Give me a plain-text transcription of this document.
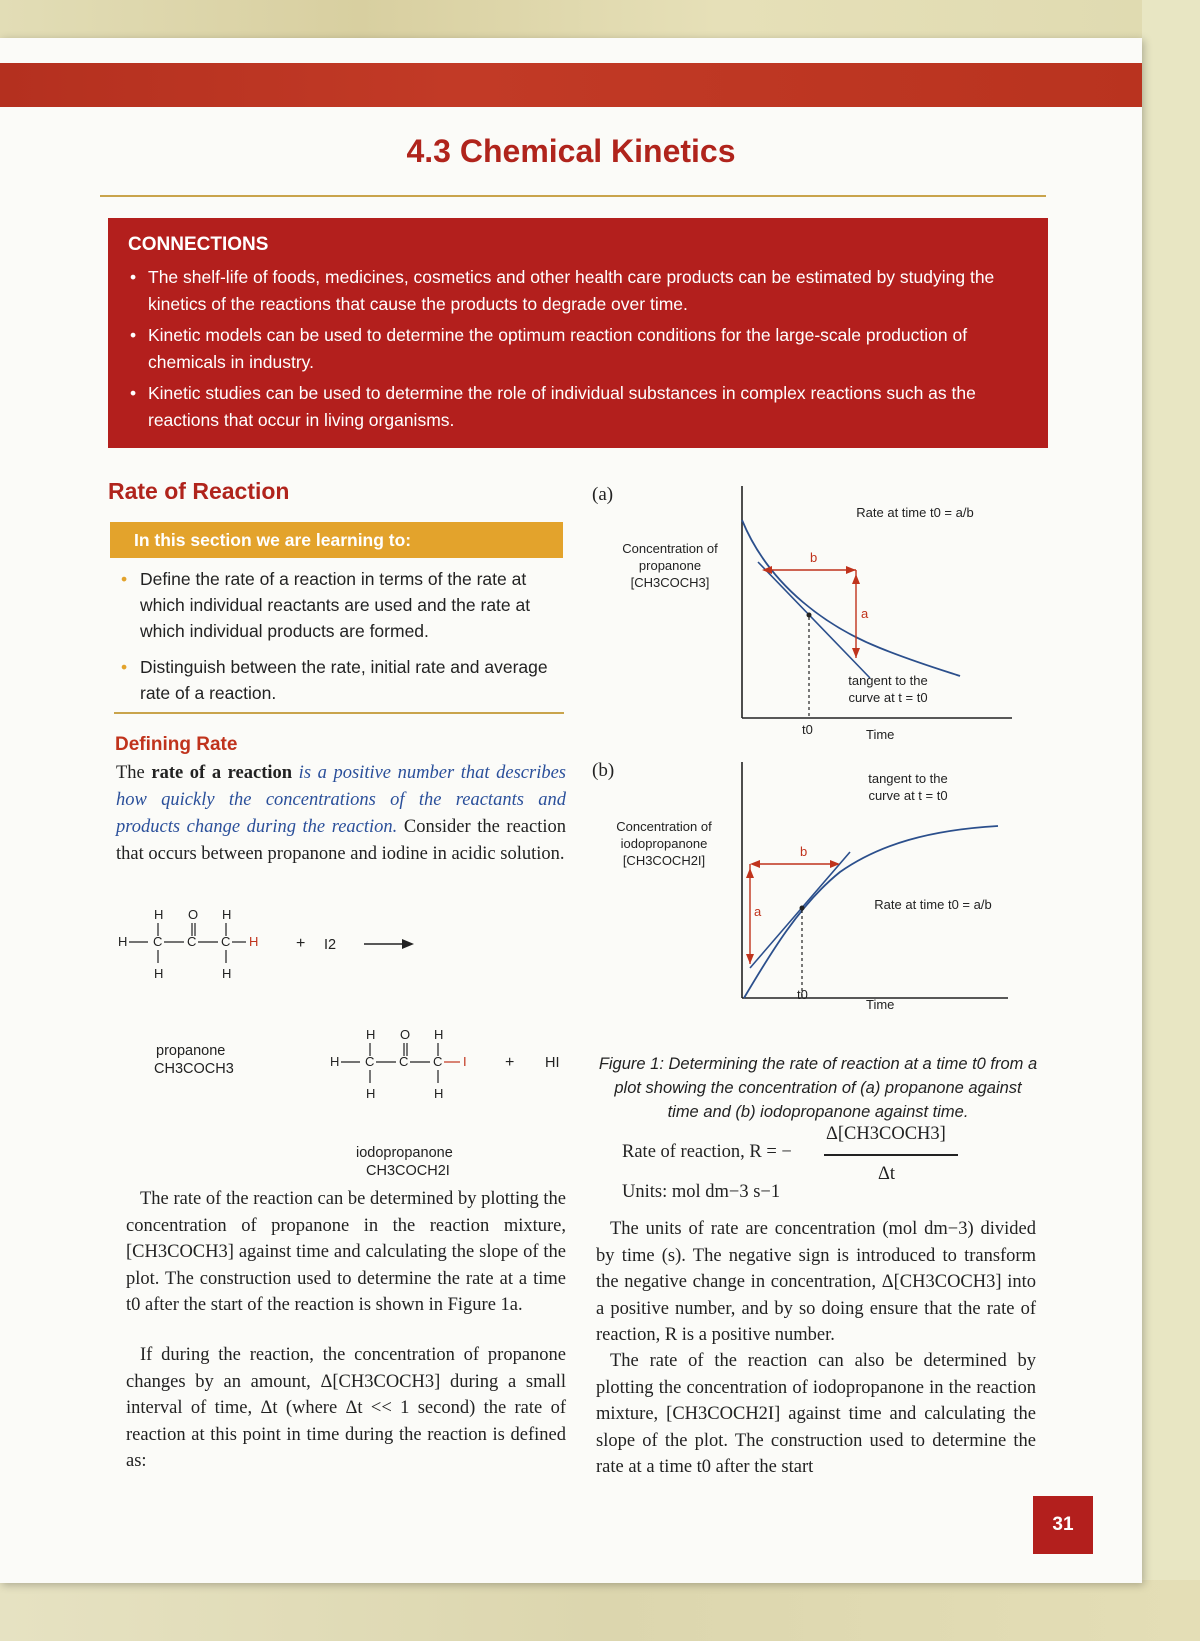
4.3 Chemical Kinetics
CONNECTIONS
• The shelf-life of foods, medicines, cosmetics and other health care products can be estimated by studying the kinetics of the reactions that cause the products to degrade over time.
• Kinetic models can be used to determine the optimum reaction conditions for the large-scale production of chemicals in industry.
• Kinetic studies can be used to determine the role of individual substances in complex reactions such as the reactions that occur in living organisms.
Rate of Reaction
In this section we are learning to:
• Define the rate of a reaction in terms of the rate at which individual reactants are used and the rate at which individual products are formed.
• Distinguish between the rate, initial rate and average rate of a reaction.
Defining Rate
The rate of a reaction is a positive number that describes how quickly the concentrations of the reactants and products change during the reaction. Consider the reaction that occurs between propanone and iodine in acidic solution.
H O H
H C C C H
H	H
+ I2
propanone
CH3COCH3
H O H
H C C C I
H	H
+ HI
iodopropanone
CH3COCH2I
The rate of the reaction can be determined by plotting the concentration of propanone in the reaction mixture, [CH3COCH3] against time and calculating the slope of the plot. The construction used to determine the rate at a time t0 after the start of the reaction is shown in Figure 1a.
If during the reaction, the concentration of propanone changes by an amount, Δ[CH3COCH3] during a small interval of time, Δt (where Δt << 1 second) the rate of reaction at this point in time during the reaction is defined as:
(a)
Concentration of propanone [CH3COCH3]
b
a
Rate at time t0 = a/b
tangent to the curve at t = t0
t0	Time
(b)
Concentration of iodopropanone [CH3COCH2I]
b
a
tangent to the curve at t = t0
Rate at time t0 = a/b
t0
Time
Figure 1: Determining the rate of reaction at a time t0 from a plot showing the concentration of (a) propanone against time and (b) iodopropanone against time.
Rate of reaction, R = −
Δ[CH3COCH3]
Δt
Units: mol dm−3 s−1
The units of rate are concentration (mol dm−3) divided by time (s). The negative sign is introduced to transform the negative change in concentration, Δ[CH3COCH3] into a positive number, and by so doing ensure that the rate of reaction, R is a positive number.
The rate of the reaction can also be determined by plotting the concentration of iodopropanone in the reaction mixture, [CH3COCH2I] against time and calculating the slope of the plot. The construction used to determine the rate at a time t0 after the start
31
